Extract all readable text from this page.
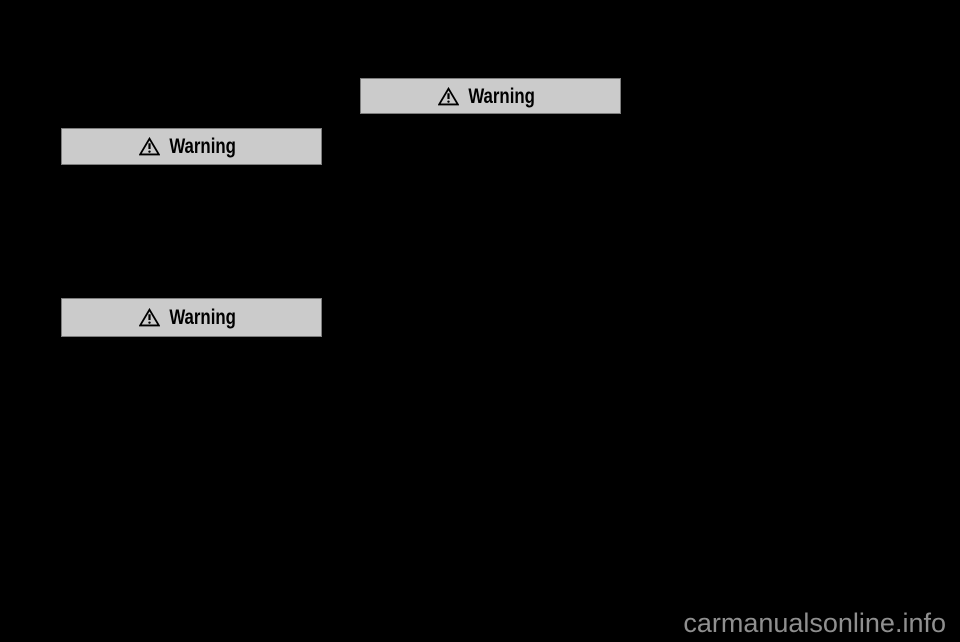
Warning
Warning
Warning
carmanualsonline.info
